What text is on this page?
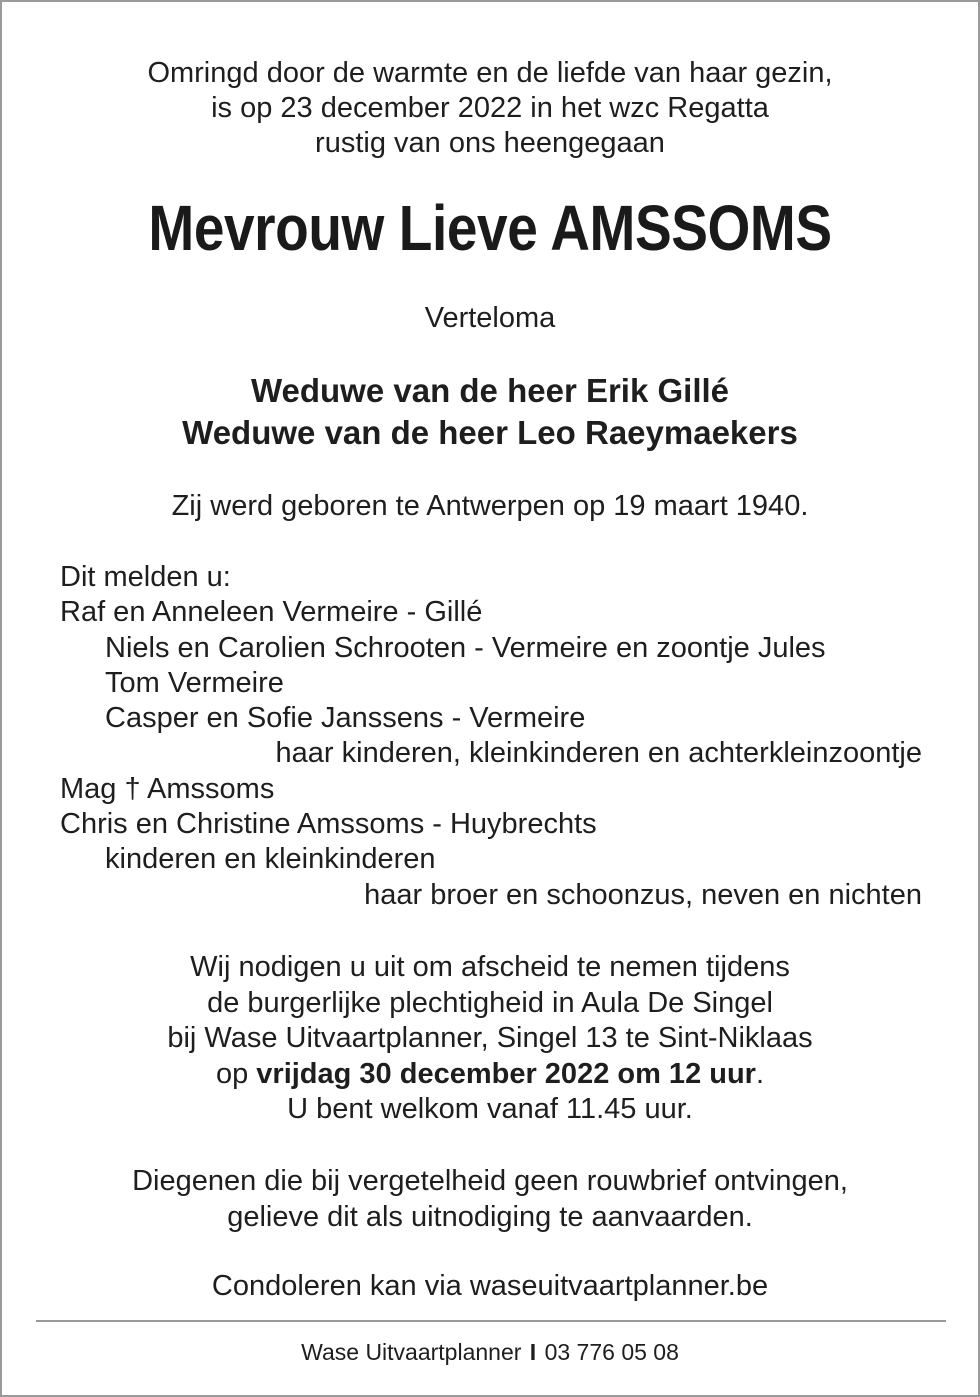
Omringd door de warmte en de liefde van haar gezin,
is op 23 december 2022 in het wzc Regatta
rustig van ons heengegaan
Mevrouw Lieve AMSSOMS
Verteloma
Weduwe van de heer Erik Gillé
Weduwe van de heer Leo Raeymaekers
Zij werd geboren te Antwerpen op 19 maart 1940.
Dit melden u:
Raf en Anneleen Vermeire - Gillé
Niels en Carolien Schrooten - Vermeire en zoontje Jules
Tom Vermeire
Casper en Sofie Janssens - Vermeire
haar kinderen, kleinkinderen en achterkleinzoontje
Mag † Amssoms
Chris en Christine Amssoms - Huybrechts
kinderen en kleinkinderen
haar broer en schoonzus, neven en nichten
Wij nodigen u uit om afscheid te nemen tijdens
de burgerlijke plechtigheid in Aula De Singel
bij Wase Uitvaartplanner, Singel 13 te Sint-Niklaas
op vrijdag 30 december 2022 om 12 uur.
U bent welkom vanaf 11.45 uur.
Diegenen die bij vergetelheid geen rouwbrief ontvingen,
gelieve dit als uitnodiging te aanvaarden.
Condoleren kan via waseuitvaartplanner.be
Wase Uitvaartplanner I 03 776 05 08
